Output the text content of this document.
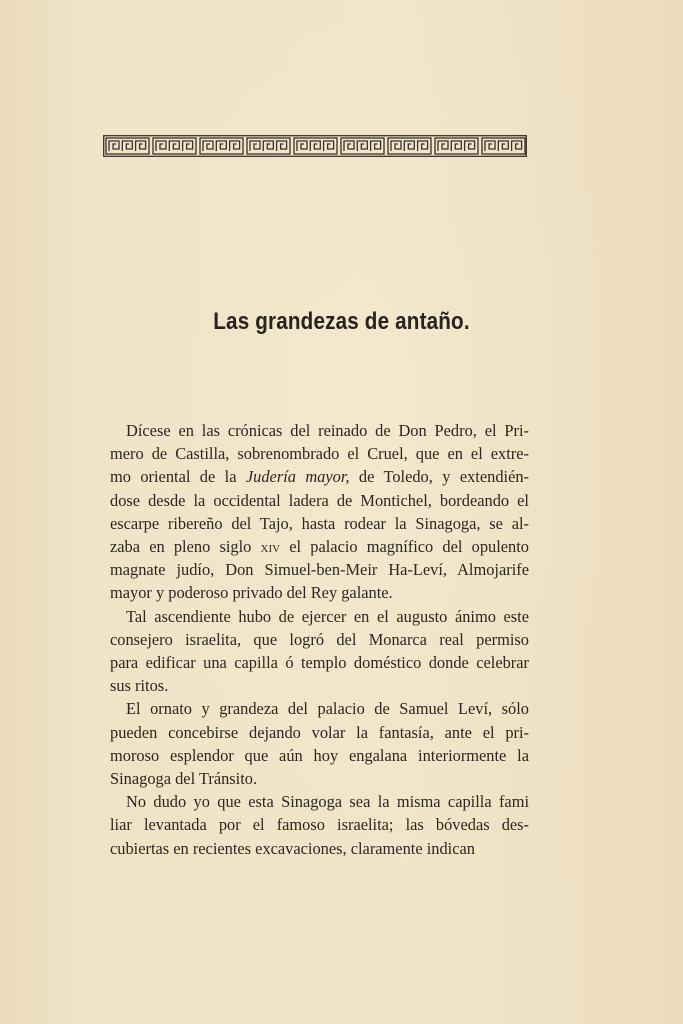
Las grandezas de antaño.
Dícese en las crónicas del reinado de Don Pedro, el Pri-
mero de Castilla, sobrenombrado el Cruel, que en el extre-
mo oriental de la Judería mayor, de Toledo, y extendién-
dose desde la occidental ladera de Montichel, bordeando el
escarpe ribereño del Tajo, hasta rodear la Sinagoga, se al-
zaba en pleno siglo xiv el palacio magnífico del opulento
magnate judío, Don Simuel-ben-Meir Ha-Leví, Almojarife
mayor y poderoso privado del Rey galante.
Tal ascendiente hubo de ejercer en el augusto ánimo este
consejero israelita, que logró del Monarca real permiso
para edificar una capilla ó templo doméstico donde celebrar
sus ritos.
El ornato y grandeza del palacio de Samuel Leví, sólo
pueden concebirse dejando volar la fantasía, ante el pri-
moroso esplendor que aún hoy engalana interiormente la
Sinagoga del Tránsito.
No dudo yo que esta Sinagoga sea la misma capilla fami
liar levantada por el famoso israelita; las bóvedas des-
cubiertas en recientes excavaciones, claramente indican
